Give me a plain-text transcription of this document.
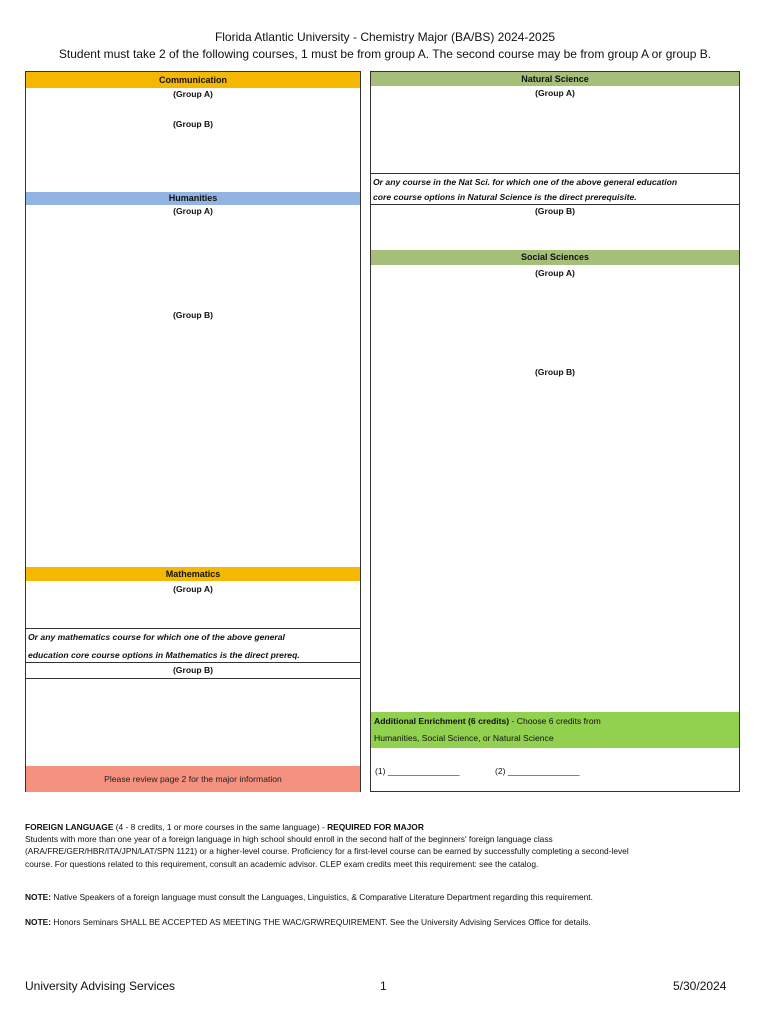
Florida Atlantic University - Chemistry Major (BA/BS) 2024-2025
Student must take 2 of the following courses, 1 must be from group A. The second course may be from group A or group B.
Communication
(Group A)
(Group B)
Humanities
(Group A)
(Group B)
Mathematics
(Group A)
Or any mathematics course for which one of the above general
education core course options in Mathematics is the direct prereq.
(Group B)
Please review page 2 for the major information
Natural Science
(Group A)
Or any course in the Nat Sci. for which one of the above general education
core course options in Natural Science is the direct prerequisite.
(Group B)
Social Sciences
(Group A)
(Group B)
Additional Enrichment (6 credits) - Choose 6 credits from
Humanities, Social Science, or Natural Science
(1) _______________	(2) _______________
FOREIGN LANGUAGE (4 - 8 credits, 1 or more courses in the same language) - REQUIRED FOR MAJOR
Students with more than one year of a foreign language in high school should enroll in the second half of the beginners' foreign language class
(ARA/FRE/GER/HBR/ITA/JPN/LAT/SPN 1121) or a higher-level course. Proficiency for a first-level course can be earned by successfully completing a second-level
course. For questions related to this requirement, consult an academic advisor. CLEP exam credits meet this requirement: see the catalog.
NOTE: Native Speakers of a foreign language must consult the Languages, Linguistics, & Comparative Literature Department regarding this requirement.
NOTE: Honors Seminars SHALL BE ACCEPTED AS MEETING THE WAC/GRWREQUIREMENT. See the University Advising Services Office for details.
University Advising Services	1	5/30/2024
